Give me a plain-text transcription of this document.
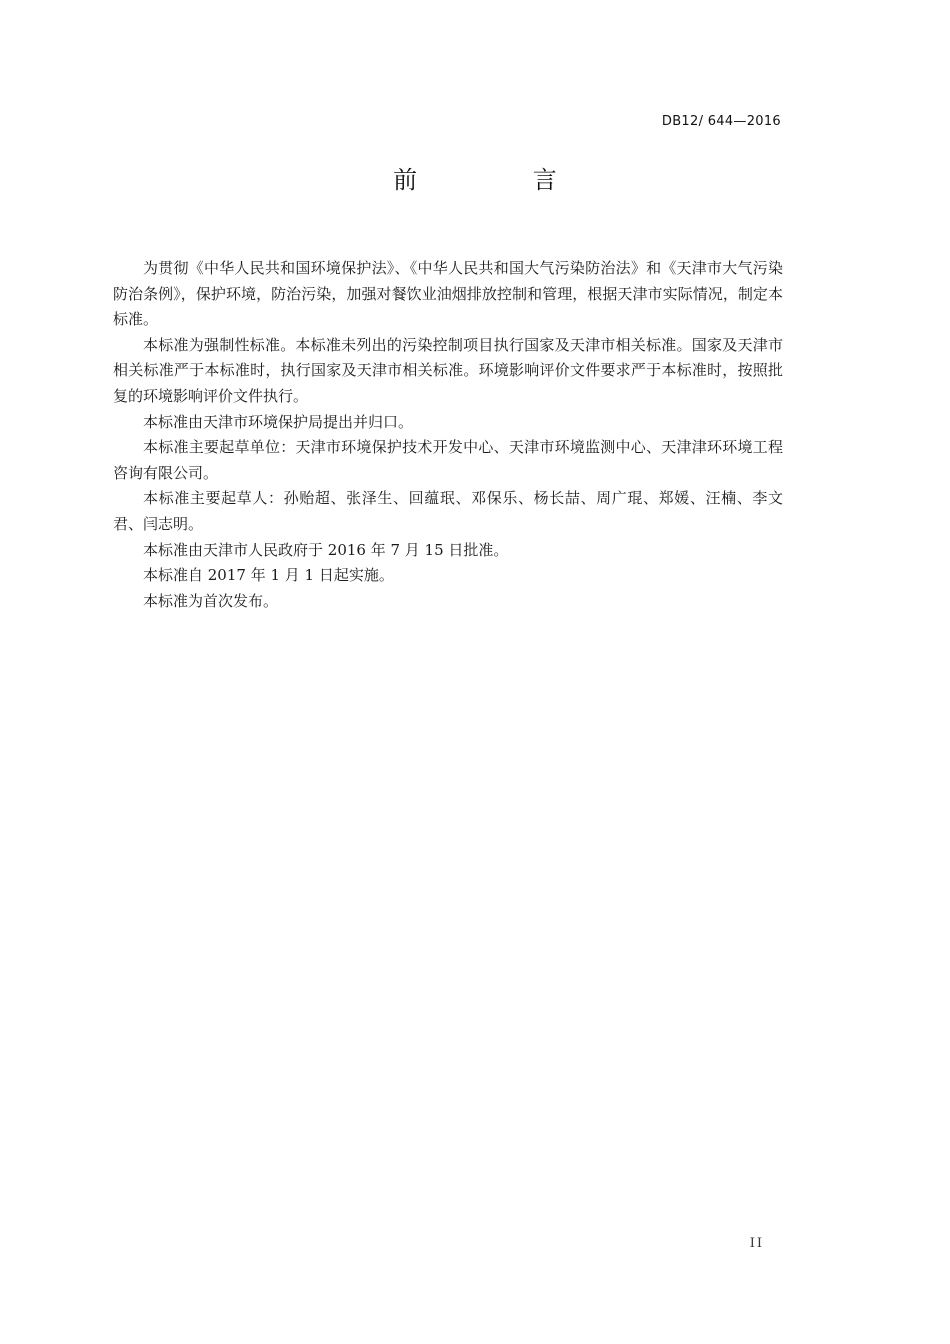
DB12/ 644—2016
前 言

为贯彻《中华人民共和国环境保护法》、《中华人民共和国大气污染防治法》和《天津市大气污染防治条例》，保护环境，防治污染，加强对餐饮业油烟排放控制和管理，根据天津市实际情况，制定本标准。

本标准为强制性标准。本标准未列出的污染控制项目执行国家及天津市相关标准。国家及天津市相关标准严于本标准时，执行国家及天津市相关标准。环境影响评价文件要求严于本标准时，按照批复的环境影响评价文件执行。

本标准由天津市环境保护局提出并归口。

本标准主要起草单位：天津市环境保护技术开发中心、天津市环境监测中心、天津津环环境工程咨询有限公司。

本标准主要起草人：孙贻超、张泽生、回蕴珉、邓保乐、杨长喆、周广琨、郑媛、汪楠、李文君、闫志明。

本标准由天津市人民政府于 2016 年 7 月 15 日批准。

本标准自 2017 年 1 月 1 日起实施。

本标准为首次发布。

II
